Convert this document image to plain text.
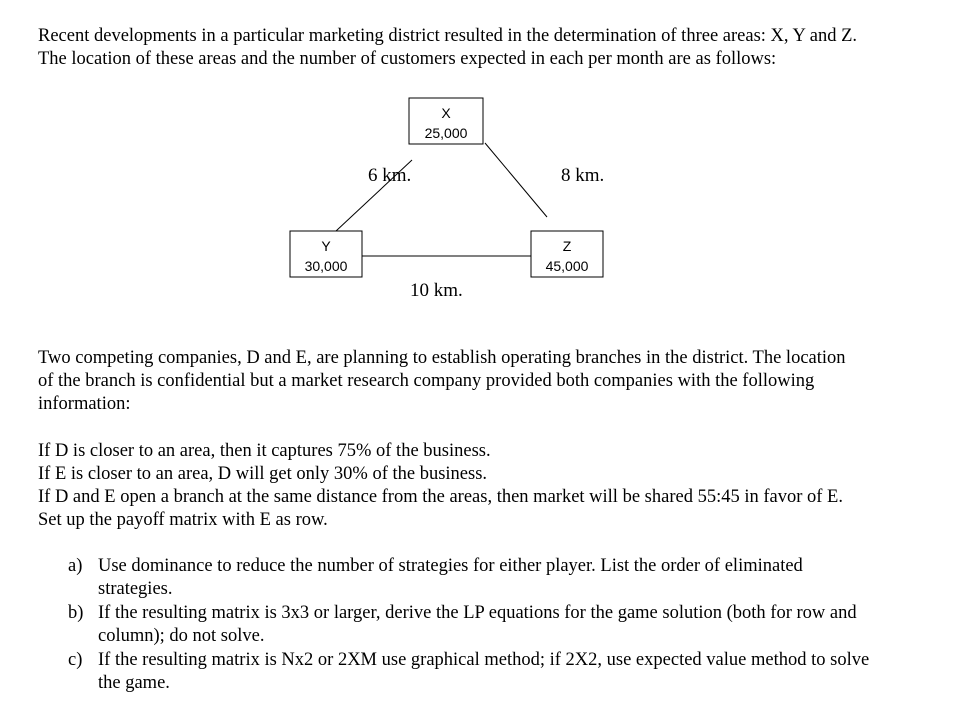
Recent developments in a particular marketing district resulted in the determination of three areas: X, Y and Z.

The location of these areas and the number of customers expected in each per month are as follows:

X
25,000
Y
30,000
Z
45,000
6 km.	8 km.
10 km.

Two competing companies, D and E, are planning to establish operating branches in the district. The location

of the branch is confidential but a market research company provided both companies with the following

information:

If D is closer to an area, then it captures 75% of the business.

If E is closer to an area, D will get only 30% of the business.

If D and E open a branch at the same distance from the areas, then market will be shared 55:45 in favor of E.

Set up the payoff matrix with E as row.

a) Use dominance to reduce the number of strategies for either player. List the order of eliminated
strategies.
b) If the resulting matrix is 3x3 or larger, derive the LP equations for the game solution (both for row and
column); do not solve.
c) If the resulting matrix is Nx2 or 2XM use graphical method; if 2X2, use expected value method to solve
the game.
